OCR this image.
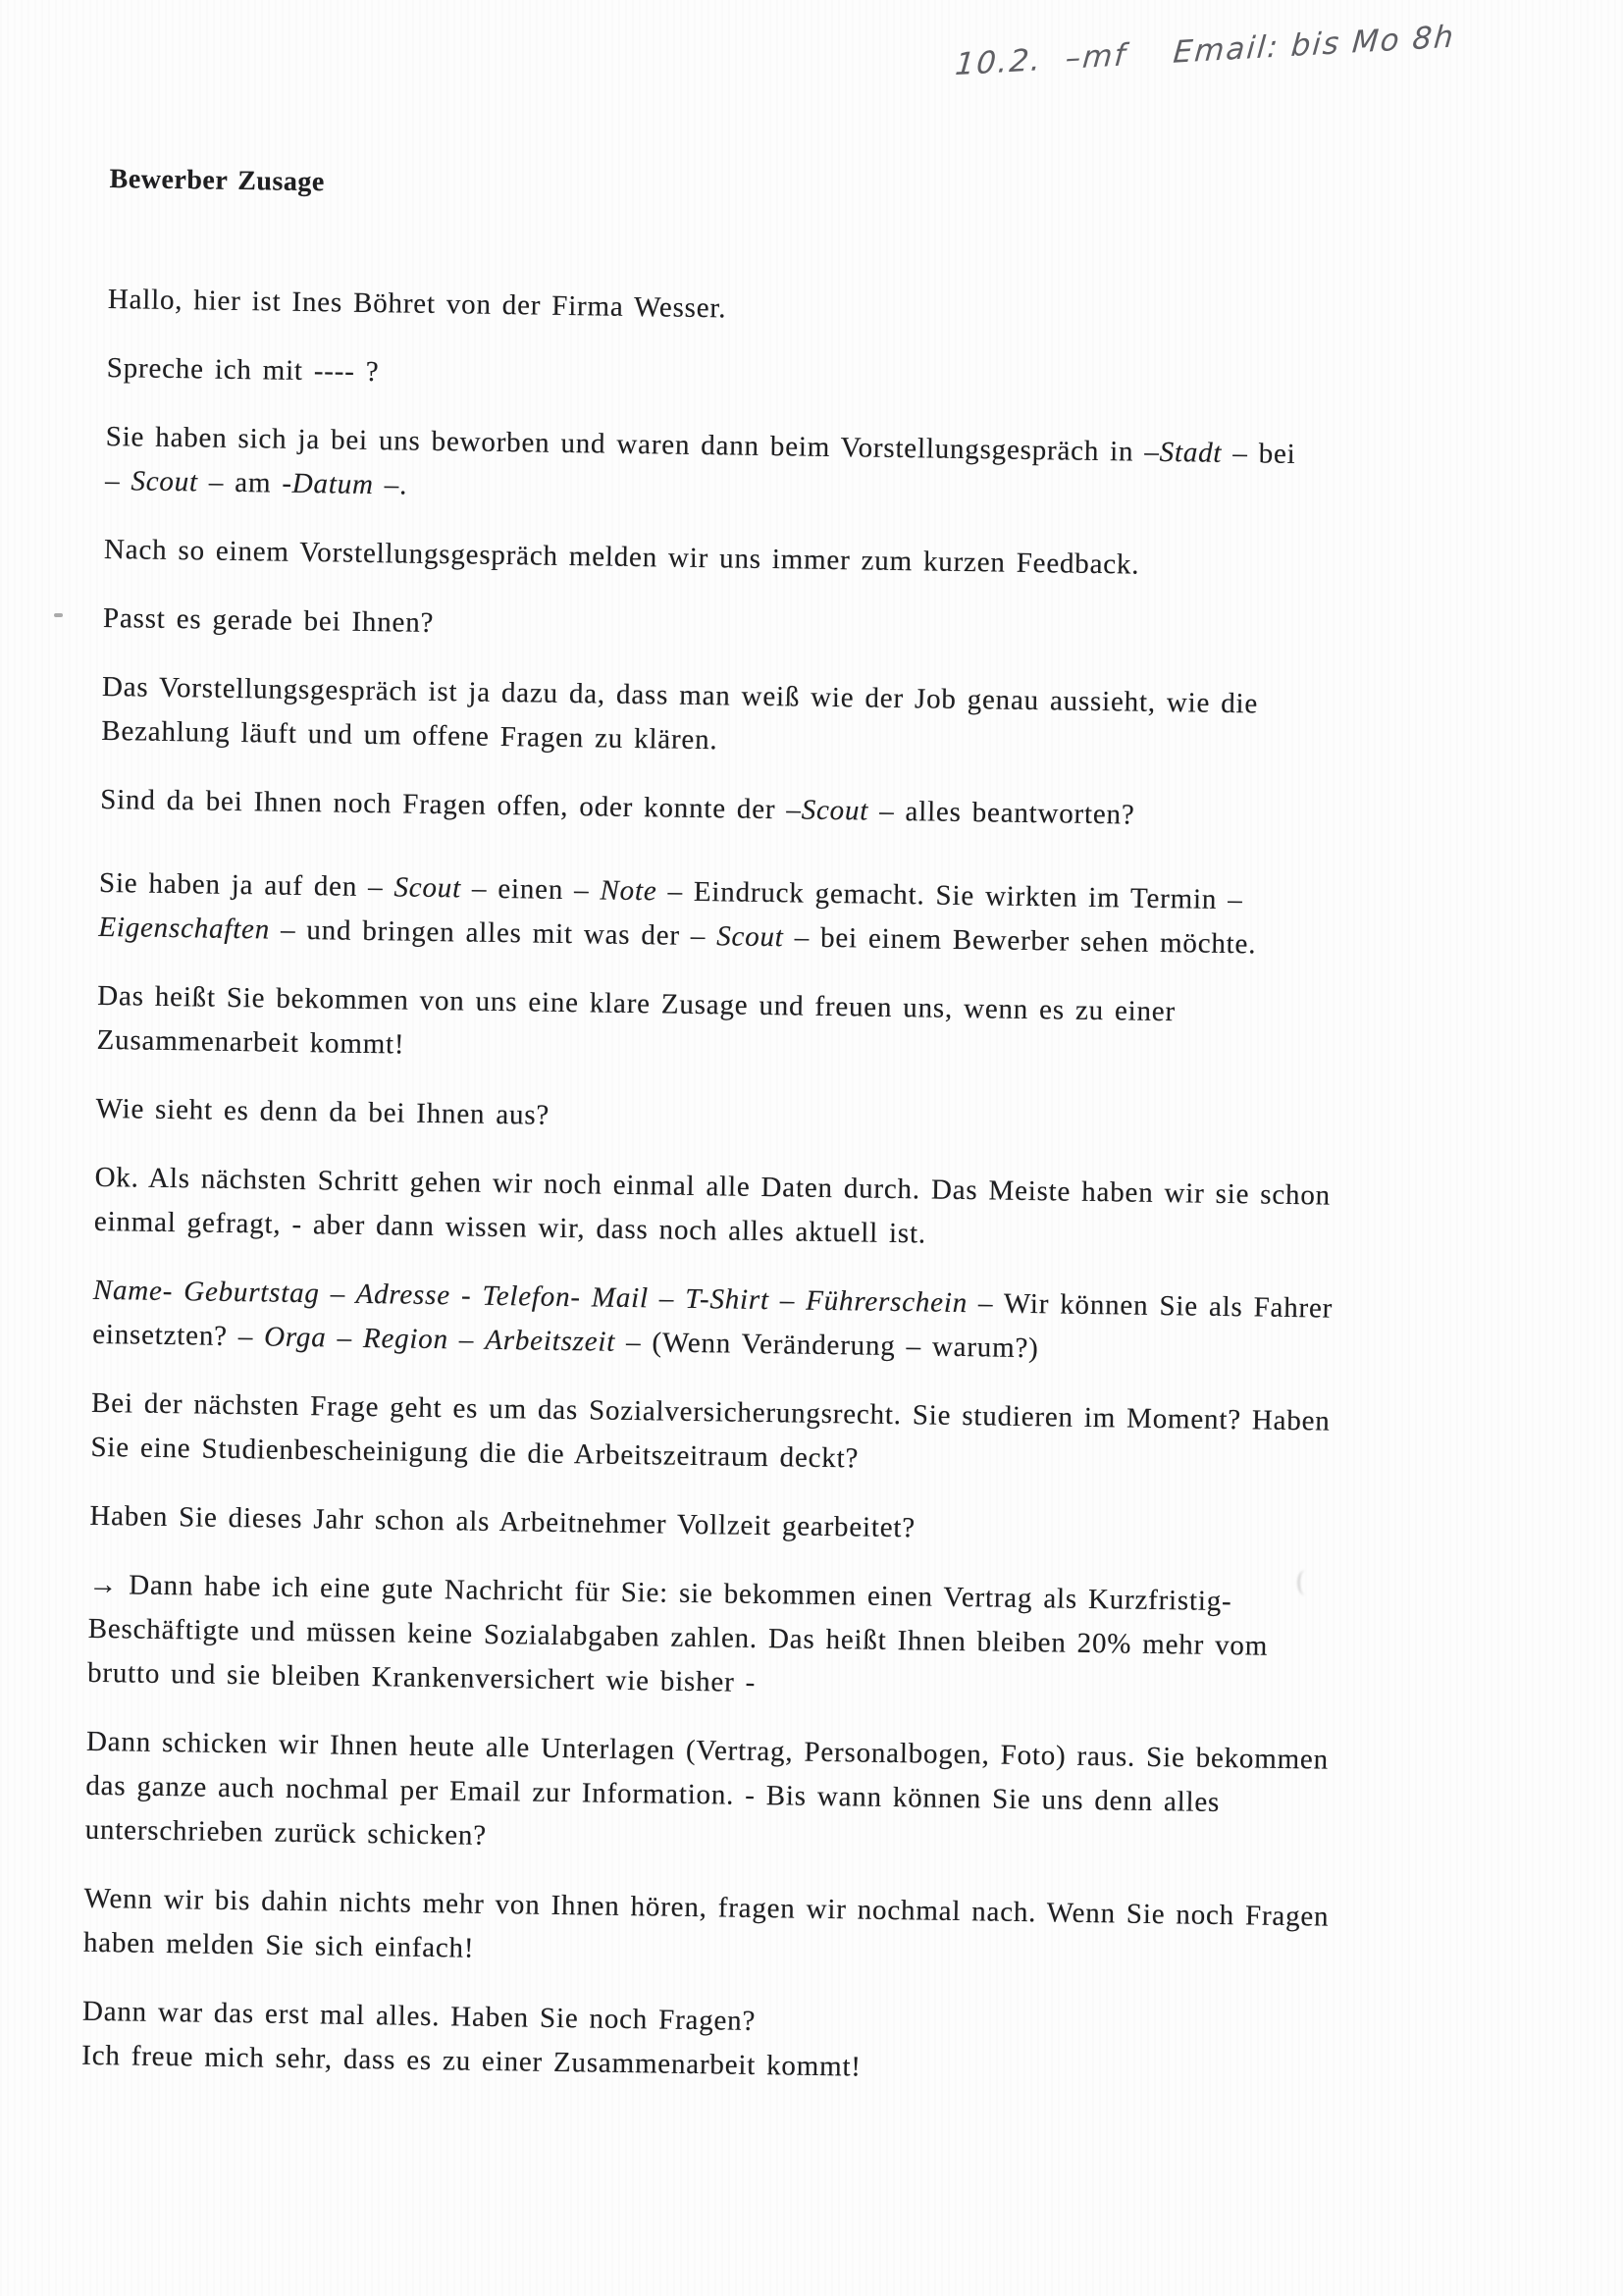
10.2.  –mf    Email: bis Mo 8h
Bewerber Zusage

Hallo, hier ist Ines Böhret von der Firma Wesser.

Spreche ich mit ---- ?

Sie haben sich ja bei uns beworben und waren dann beim Vorstellungsgespräch in –Stadt – bei
– Scout – am -Datum –.

Nach so einem Vorstellungsgespräch melden wir uns immer zum kurzen Feedback.

Passt es gerade bei Ihnen?

Das Vorstellungsgespräch ist ja dazu da, dass man weiß wie der Job genau aussieht, wie die
Bezahlung läuft und um offene Fragen zu klären.

Sind da bei Ihnen noch Fragen offen, oder konnte der –Scout – alles beantworten?

Sie haben ja auf den – Scout – einen – Note – Eindruck gemacht. Sie wirkten im Termin –
Eigenschaften – und bringen alles mit was der – Scout – bei einem Bewerber sehen möchte.

Das heißt Sie bekommen von uns eine klare Zusage und freuen uns, wenn es zu einer
Zusammenarbeit kommt!

Wie sieht es denn da bei Ihnen aus?

Ok. Als nächsten Schritt gehen wir noch einmal alle Daten durch. Das Meiste haben wir sie schon
einmal gefragt, - aber dann wissen wir, dass noch alles aktuell ist.

Name- Geburtstag – Adresse - Telefon- Mail – T-Shirt – Führerschein – Wir können Sie als Fahrer
einsetzten? – Orga – Region – Arbeitszeit – (Wenn Veränderung – warum?)

Bei der nächsten Frage geht es um das Sozialversicherungsrecht. Sie studieren im Moment? Haben
Sie eine Studienbescheinigung die die Arbeitszeitraum deckt?

Haben Sie dieses Jahr schon als Arbeitnehmer Vollzeit gearbeitet?

→ Dann habe ich eine gute Nachricht für Sie: sie bekommen einen Vertrag als Kurzfristig-
Beschäftigte und müssen keine Sozialabgaben zahlen. Das heißt Ihnen bleiben 20% mehr vom
brutto und sie bleiben Krankenversichert wie bisher -

Dann schicken wir Ihnen heute alle Unterlagen (Vertrag, Personalbogen, Foto) raus. Sie bekommen
das ganze auch nochmal per Email zur Information. - Bis wann können Sie uns denn alles
unterschrieben zurück schicken?

Wenn wir bis dahin nichts mehr von Ihnen hören, fragen wir nochmal nach. Wenn Sie noch Fragen
haben melden Sie sich einfach!

Dann war das erst mal alles. Haben Sie noch Fragen?
Ich freue mich sehr, dass es zu einer Zusammenarbeit kommt!
